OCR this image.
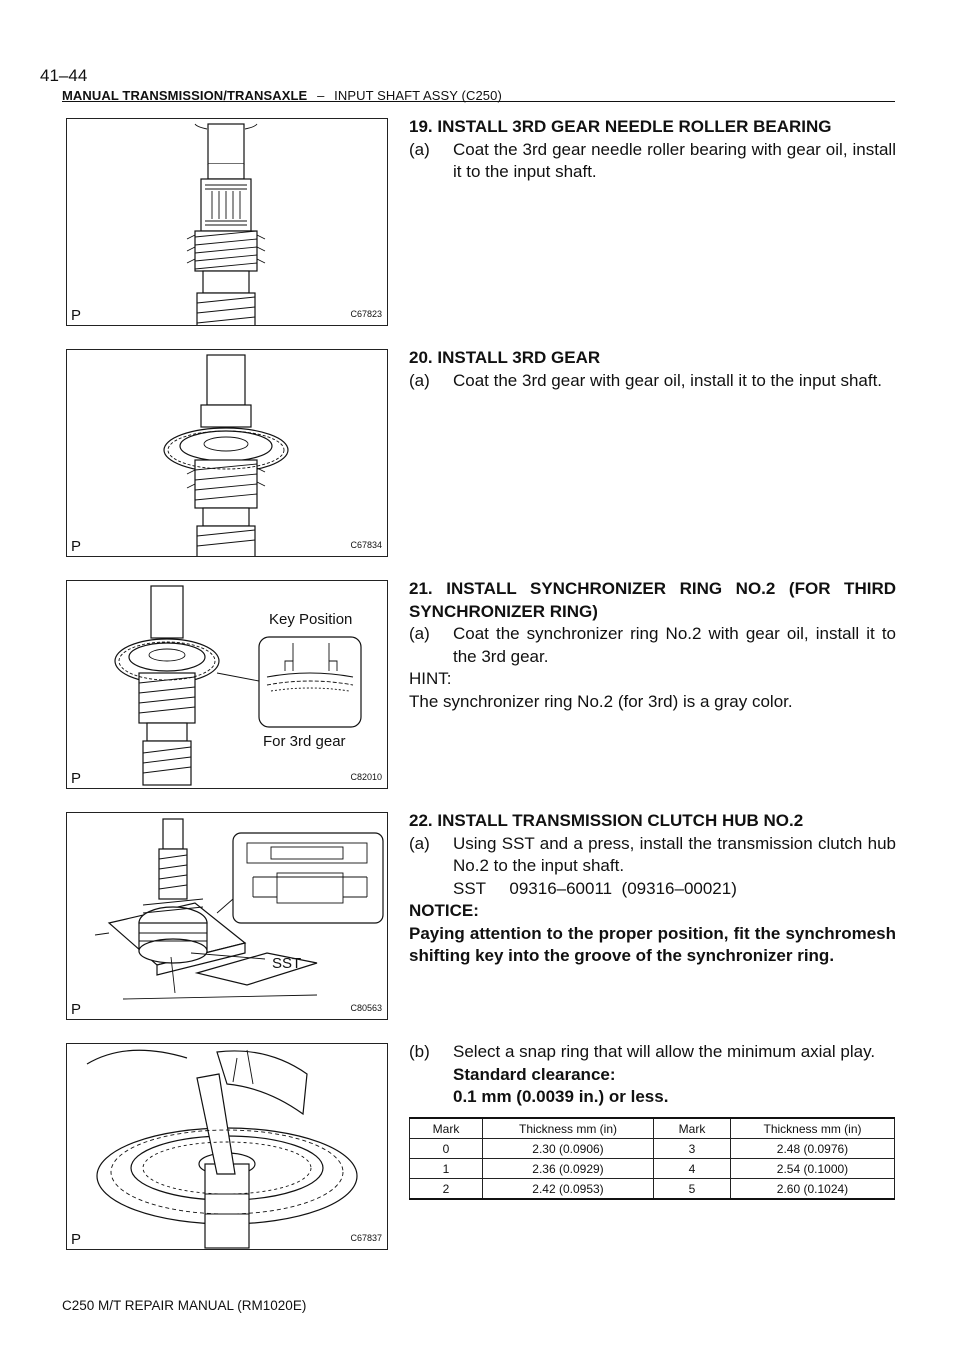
41–44
MANUAL TRANSMISSION/TRANSAXLE – INPUT SHAFT ASSY (C250)
P	C67823
P	C67834
Key Position
For 3rd gear
P	C82010
SST
P	C80563
P	C67837
19. INSTALL 3RD GEAR NEEDLE ROLLER BEARING
(a)	Coat the 3rd gear needle roller bearing with gear oil, install it to the input shaft.
20. INSTALL 3RD GEAR
(a)	Coat the 3rd gear with gear oil, install it to the input shaft.
21. INSTALL SYNCHRONIZER RING NO.2 (FOR THIRD SYNCHRONIZER RING)
(a)	Coat the synchronizer ring No.2 with gear oil, install it to the 3rd gear.
HINT:
The synchronizer ring No.2 (for 3rd) is a gray color.
22. INSTALL TRANSMISSION CLUTCH HUB NO.2
(a)	Using SST and a press, install the transmission clutch hub No.2 to the input shaft.
SST     09316–60011  (09316–00021)
NOTICE:
Paying attention to the proper position, fit the synchromesh shifting key into the groove of the synchronizer ring.
(b)	Select a snap ring that will allow the minimum axial play.
Standard clearance:
0.1 mm (0.0039 in.) or less.
Mark	Thickness mm (in)	Mark	Thickness mm (in)
0	2.30 (0.0906)	3	2.48 (0.0976)
1	2.36 (0.0929)	4	2.54 (0.1000)
2	2.42 (0.0953)	5	2.60 (0.1024)
C250 M/T REPAIR MANUAL (RM1020E)
